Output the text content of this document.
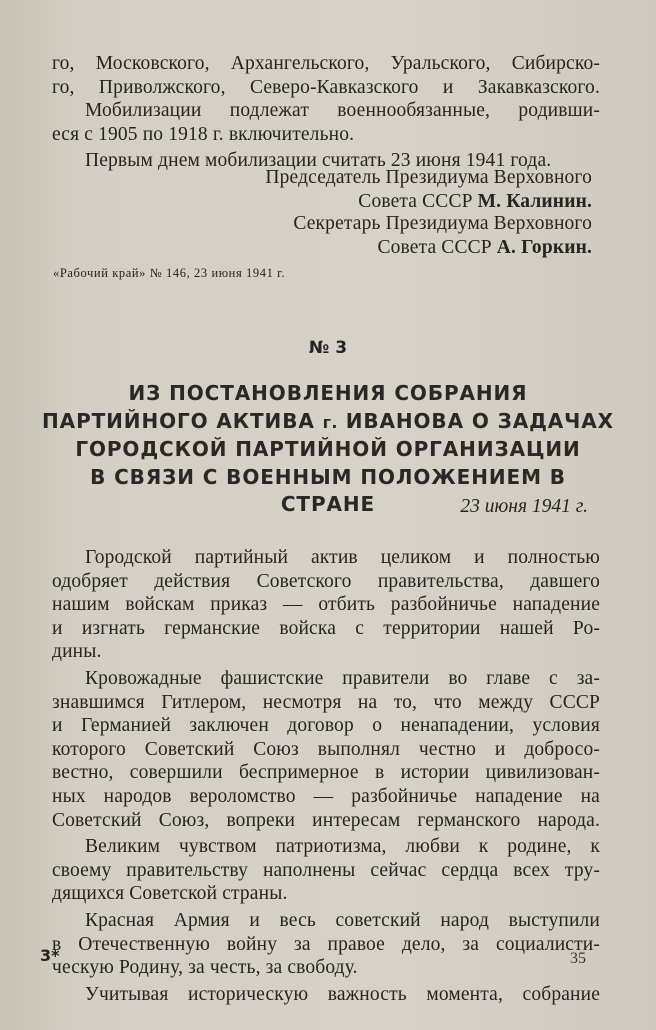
го, Московского, Архангельского, Уральского, Сибирско-
го, Приволжского, Северо-Кавказского и Закавказского.
Мобилизации подлежат военнообязанные, родивши-
еся с 1905 по 1918 г. включительно.
Первым днем мобилизации считать 23 июня 1941 года.
Председатель Президиума Верховного
Совета СССР М. Калинин.
Секретарь Президиума Верховного
Совета СССР А. Горкин.
«Рабочий край» № 146, 23 июня 1941 г.
№ 3
ИЗ ПОСТАНОВЛЕНИЯ СОБРАНИЯ
ПАРТИЙНОГО АКТИВА г. ИВАНОВА О ЗАДАЧАХ
ГОРОДСКОЙ ПАРТИЙНОЙ ОРГАНИЗАЦИИ
В СВЯЗИ С ВОЕННЫМ ПОЛОЖЕНИЕМ В СТРАНЕ	23 июня 1941 г.
Городской партийный актив целиком и полностью
одобряет действия Советского правительства, давшего
нашим войскам приказ — отбить разбойничье нападение
и изгнать германские войска с территории нашей Ро-
дины.
Кровожадные фашистские правители во главе с за-
знавшимся Гитлером, несмотря на то, что между СССР
и Германией заключен договор о ненападении, условия
которого Советский Союз выполнял честно и добросо-
вестно, совершили беспримерное в истории цивилизован-
ных народов вероломство — разбойничье нападение на
Советский Союз, вопреки интересам германского народа.
Великим чувством патриотизма, любви к родине, к
своему правительству наполнены сейчас сердца всех тру-
дящихся Советской страны.
Красная Армия и весь советский народ выступили
в Отечественную войну за правое дело, за социалисти-
ческую Родину, за честь, за свободу.
Учитывая историческую важность момента, собрание
3*	35
